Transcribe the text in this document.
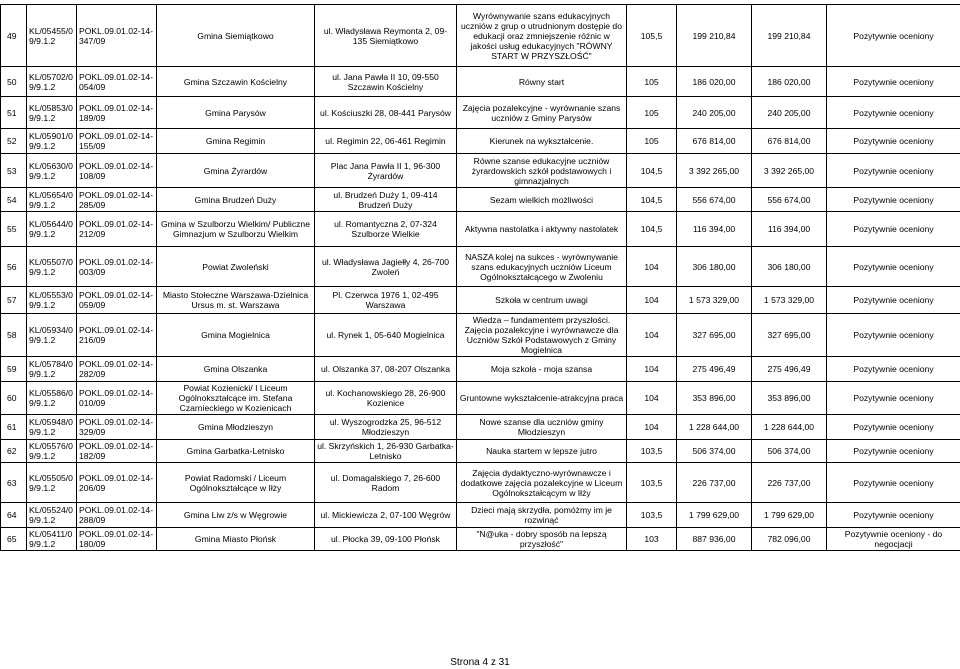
49	KL/05455/0 9/9.1.2	POKL.09.01.02-14-347/09	Gmina Siemiątkowo	ul. Władysława Reymonta 2, 09-135 Siemiątkowo	Wyrównywanie szans edukacyjnych uczniów z grup o utrudnionym dostępie do edukacji oraz zmniejszenie różnic w jakości usług edukacyjnych "RÓWNY START W PRZYSZŁOŚĆ"	105,5	199 210,84	199 210,84	Pozytywnie oceniony
50	KL/05702/0 9/9.1.2	POKL.09.01.02-14-054/09	Gmina Szczawin Kościelny	ul. Jana Pawła II 10, 09-550 Szczawin Kościelny	Równy start	105	186 020,00	186 020,00	Pozytywnie oceniony
51	KL/05853/0 9/9.1.2	POKL.09.01.02-14-189/09	Gmina Parysów	ul. Kościuszki 28, 08-441 Parysów	Zajęcia pozalekcyjne - wyrównanie szans uczniów z Gminy Parysów	105	240 205,00	240 205,00	Pozytywnie oceniony
52	KL/05901/0 9/9.1.2	POKL.09.01.02-14-155/09	Gmina Regimin	ul. Regimin 22, 06-461 Regimin	Kierunek na wykształcenie.	105	676 814,00	676 814,00	Pozytywnie oceniony
53	KL/05630/0 9/9.1.2	POKL.09.01.02-14-108/09	Gmina Żyrardów	Plac Jana Pawła II 1, 96-300 Żyrardów	Równe szanse edukacyjne uczniów żyrardowskich szkół podstawowych i gimnazjalnych	104,5	3 392 265,00	3 392 265,00	Pozytywnie oceniony
54	KL/05654/0 9/9.1.2	POKL.09.01.02-14-285/09	Gmina Brudzeń Duży	ul. Brudzeń Duży 1, 09-414 Brudzeń Duży	Sezam wielkich możliwości	104,5	556 674,00	556 674,00	Pozytywnie oceniony
55	KL/05644/0 9/9.1.2	POKL.09.01.02-14-212/09	Gmina w Szulborzu Wielkim/ Publiczne Gimnazjum w Szulborzu Wielkim	ul. Romantyczna 2, 07-324 Szulborze Wielkie	Aktywna nastolatka i aktywny nastolatek	104,5	116 394,00	116 394,00	Pozytywnie oceniony
56	KL/05507/0 9/9.1.2	POKL.09.01.02-14-003/09	Powiat Zwoleński	ul. Władysława Jagiełły 4, 26-700 Zwoleń	NASZA kolej na sukces - wyrównywanie szans edukacyjnych uczniów Liceum Ogólnokształcącego w Zwoleniu	104	306 180,00	306 180,00	Pozytywnie oceniony
57	KL/05553/0 9/9.1.2	POKL.09.01.02-14-059/09	Miasto Stołeczne Warszawa-Dzielnica Ursus m. st. Warszawa	Pl. Czerwca 1976 1, 02-495 Warszawa	Szkoła w centrum uwagi	104	1 573 329,00	1 573 329,00	Pozytywnie oceniony
58	KL/05934/0 9/9.1.2	POKL.09.01.02-14-216/09	Gmina Mogielnica	ul. Rynek 1, 05-640 Mogielnica	Wiedza – fundamentem przyszłości. Zajęcia pozalekcyjne i wyrównawcze dla Uczniów Szkół Podstawowych z Gminy Mogielnica	104	327 695,00	327 695,00	Pozytywnie oceniony
59	KL/05784/0 9/9.1.2	POKL.09.01.02-14-282/09	Gmina Olszanka	ul. Olszanka 37, 08-207 Olszanka	Moja szkoła - moja szansa	104	275 496,49	275 496,49	Pozytywnie oceniony
60	KL/05586/0 9/9.1.2	POKL.09.01.02-14-010/09	Powiat Kozienicki/ I Liceum Ogólnokształcące im. Stefana Czarnieckiego w Kozienicach	ul. Kochanowskiego 28, 26-900 Kozienice	Gruntowne wykształcenie-atrakcyjna praca	104	353 896,00	353 896,00	Pozytywnie oceniony
61	KL/05948/0 9/9.1.2	POKL.09.01.02-14-329/09	Gmina Młodzieszyn	ul. Wyszogrodzka 25, 96-512 Młodzieszyn	Nowe szanse dla uczniów gminy Młodzieszyn	104	1 228 644,00	1 228 644,00	Pozytywnie oceniony
62	KL/05576/0 9/9.1.2	POKL.09.01.02-14-182/09	Gmina Garbatka-Letnisko	ul. Skrzyńskich 1, 26-930 Garbatka-Letnisko	Nauka startem w lepsze jutro	103,5	506 374,00	506 374,00	Pozytywnie oceniony
63	KL/05505/0 9/9.1.2	POKL.09.01.02-14-206/09	Powiat Radomski / Liceum Ogólnokształcące w Iłży	ul. Domagalskiego 7, 26-600 Radom	Zajęcia dydaktyczno-wyrównawcze i dodatkowe zajęcia pozalekcyjne w Liceum Ogólnokształcącym w Iłży	103,5	226 737,00	226 737,00	Pozytywnie oceniony
64	KL/05524/0 9/9.1.2	POKL.09.01.02-14-288/09	Gmina Liw z/s w Węgrowie	ul. Mickiewicza 2, 07-100 Węgrów	Dzieci mają skrzydła, pomóżmy im je rozwinąć	103,5	1 799 629,00	1 799 629,00	Pozytywnie oceniony
65	KL/05411/0 9/9.1.2	POKL.09.01.02-14-180/09	Gmina Miasto Płońsk	ul. Płocka 39, 09-100 Płońsk	"N@uka - dobry sposób na lepszą przyszłość"	103	887 936,00	782 096,00	Pozytywnie oceniony - do negocjacji
Strona 4 z 31
